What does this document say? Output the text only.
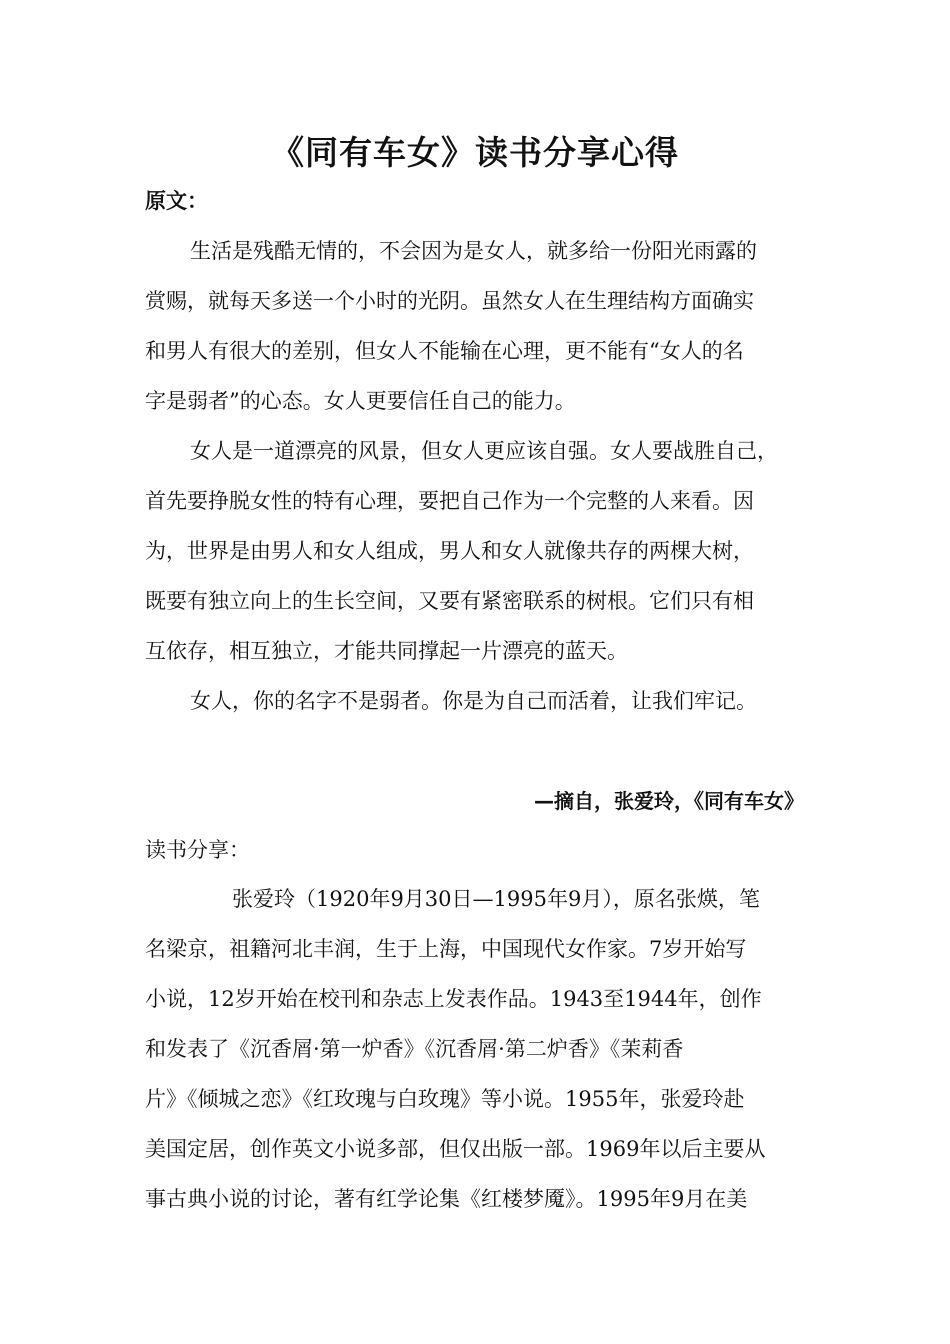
《同有车女》读书分享心得
原文：
生活是残酷无情的，不会因为是女人，就多给一份阳光雨露的
赏赐，就每天多送一个小时的光阴。虽然女人在生理结构方面确实
和男人有很大的差别，但女人不能输在心理，更不能有“女人的名
字是弱者”的心态。女人更要信任自己的能力。
女人是一道漂亮的风景，但女人更应该自强。女人要战胜自己，
首先要挣脱女性的特有心理，要把自己作为一个完整的人来看。因
为，世界是由男人和女人组成，男人和女人就像共存的两棵大树，
既要有独立向上的生长空间，又要有紧密联系的树根。它们只有相
互依存，相互独立，才能共同撑起一片漂亮的蓝天。
女人，你的名字不是弱者。你是为自己而活着，让我们牢记。
—摘自，张爱玲，《同有车女》
读书分享：
张爱玲（1920年9月30日—1995年9月），原名张煐，笔
名梁京，祖籍河北丰润，生于上海，中国现代女作家。7岁开始写
小说，12岁开始在校刊和杂志上发表作品。1943至1944年，创作
和发表了《沉香屑·第一炉香》《沉香屑·第二炉香》《茉莉香
片》《倾城之恋》《红玫瑰与白玫瑰》等小说。1955年，张爱玲赴
美国定居，创作英文小说多部，但仅出版一部。1969年以后主要从
事古典小说的讨论，著有红学论集《红楼梦魇》。1995年9月在美
